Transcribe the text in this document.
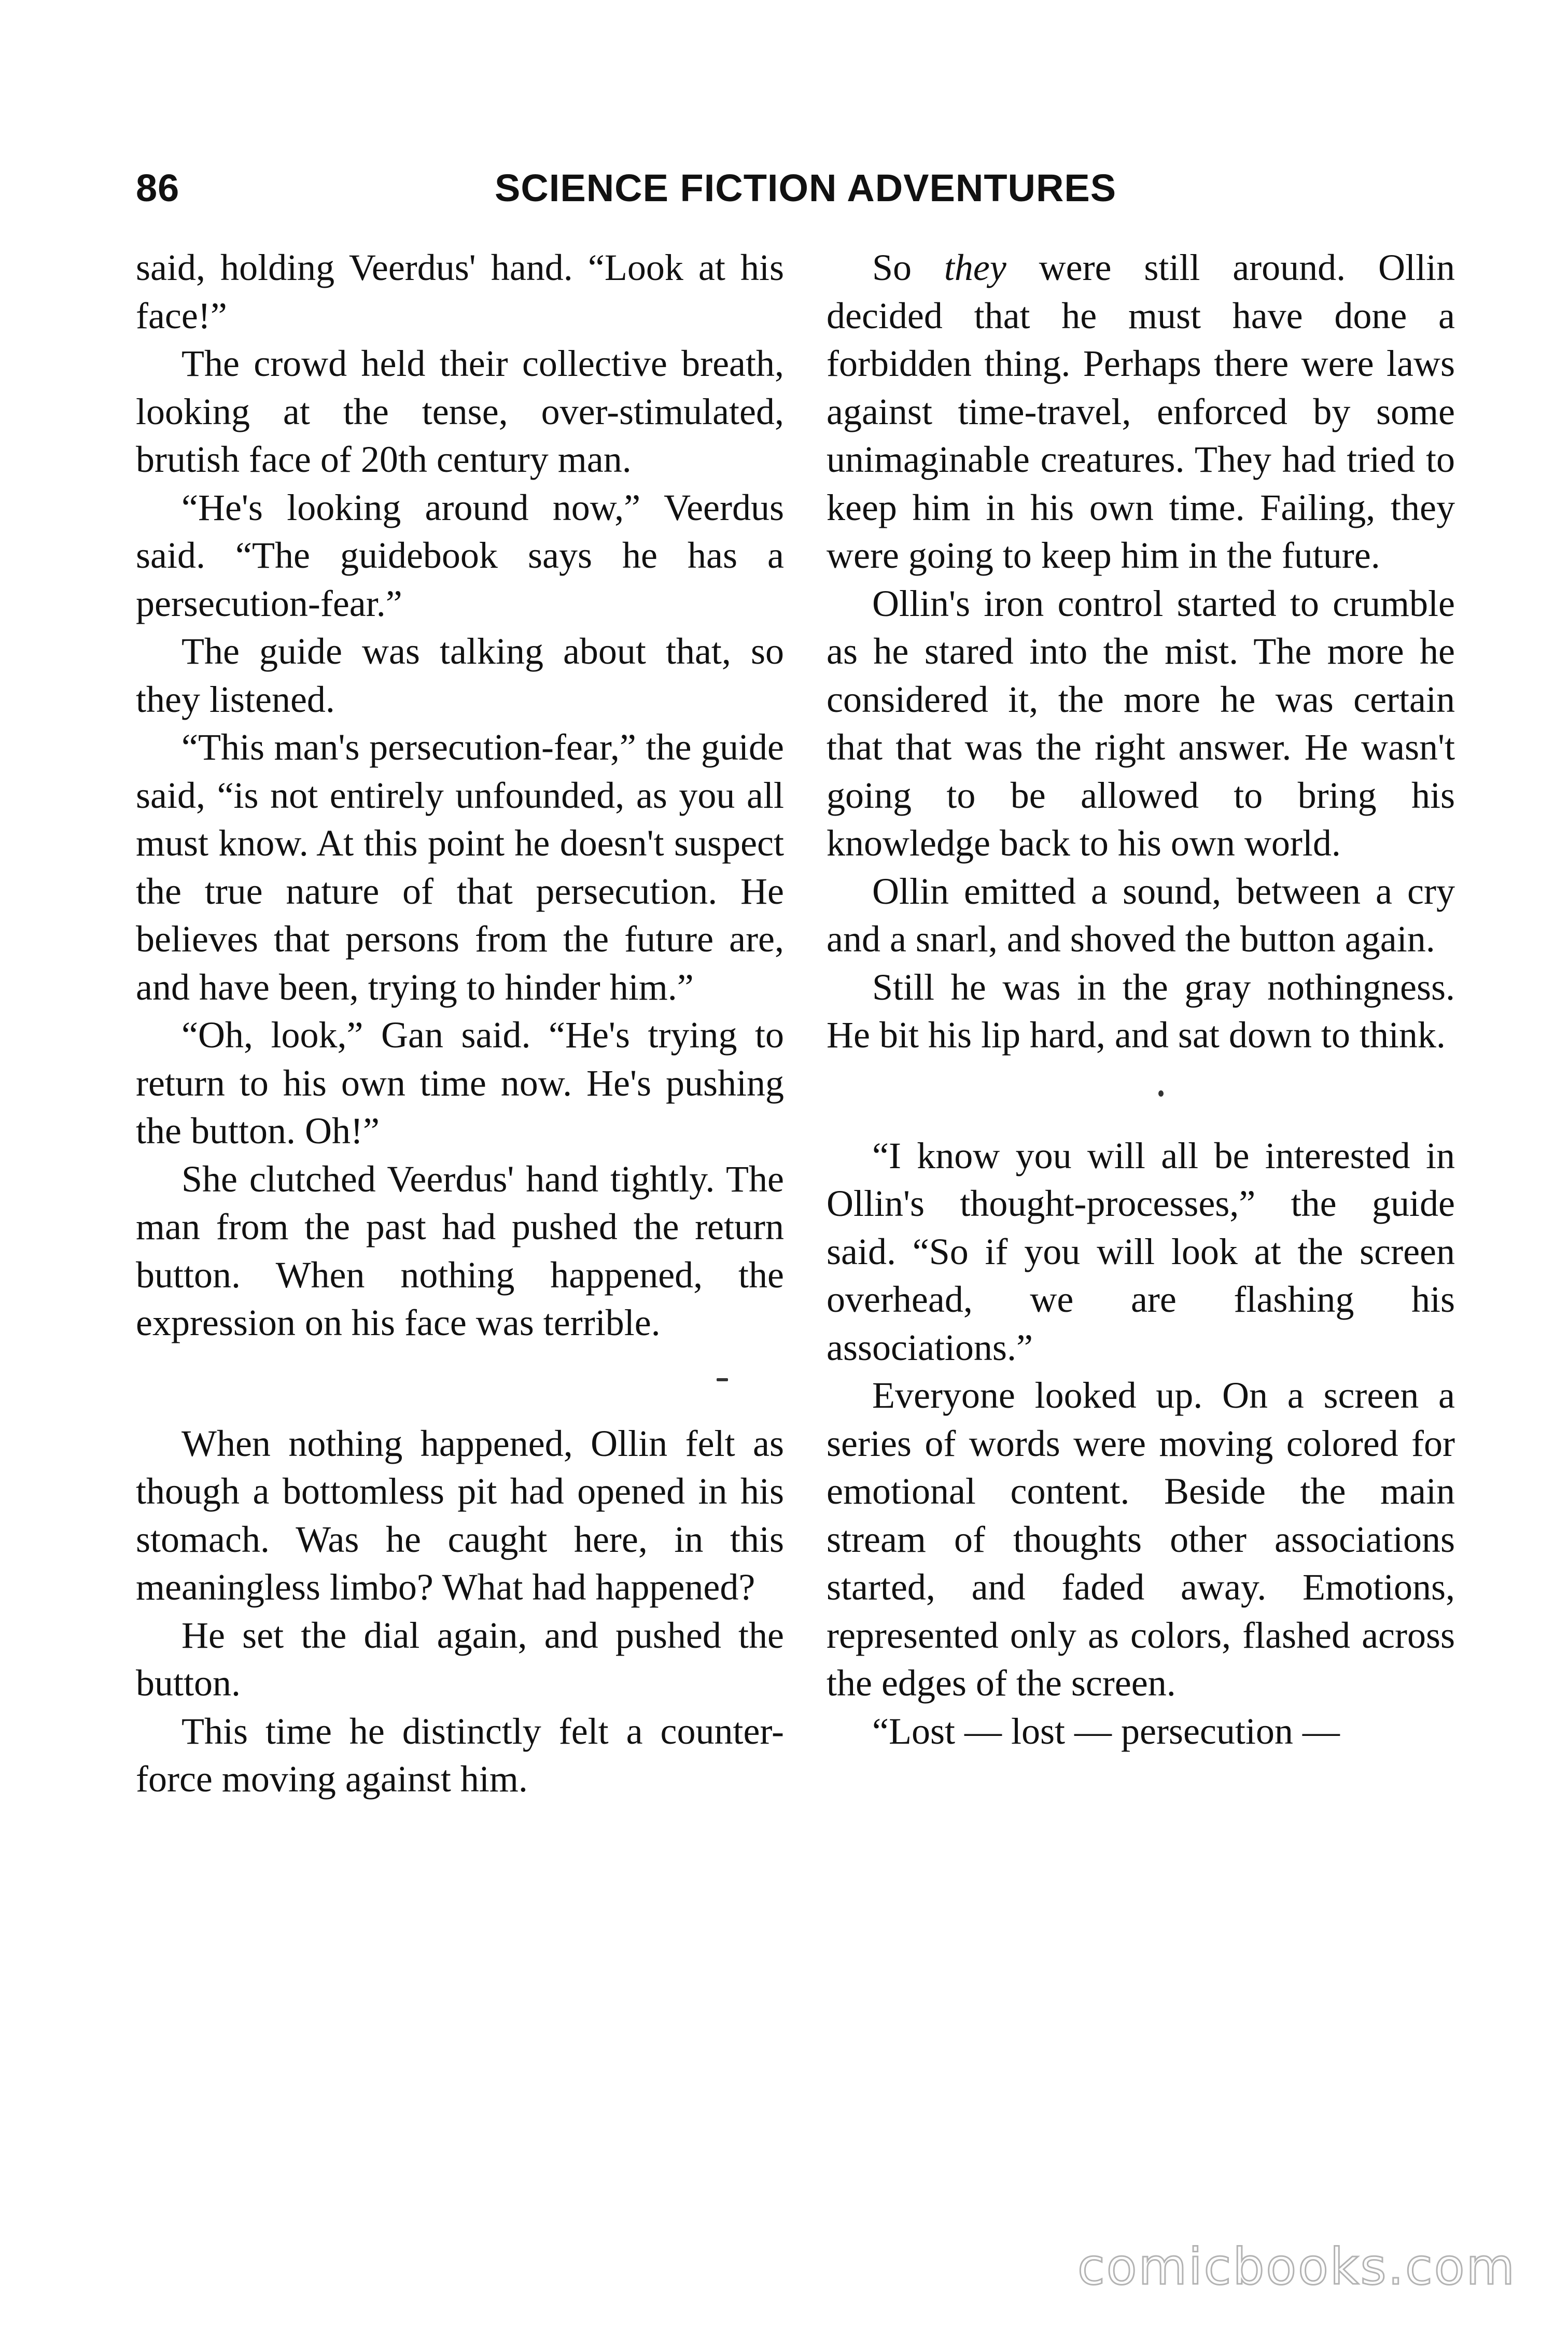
86	SCIENCE FICTION ADVENTURES

said, holding Veerdus' hand. “Look at his face!”

The crowd held their collective breath, looking at the tense, over-stimulated, brutish face of 20th century man.

“He's looking around now,” Veerdus said. “The guidebook says he has a persecution-fear.”

The guide was talking about that, so they listened.

“This man's persecution-fear,” the guide said, “is not entirely unfounded, as you all must know. At this point he doesn't suspect the true nature of that persecution. He believes that persons from the future are, and have been, trying to hinder him.”

“Oh, look,” Gan said. “He's trying to return to his own time now. He's pushing the button. Oh!”

She clutched Veerdus' hand tightly. The man from the past had pushed the return button. When nothing happened, the expression on his face was terrible.

When nothing happened, Ollin felt as though a bottomless pit had opened in his stomach. Was he caught here, in this meaningless limbo? What had happened?

He set the dial again, and pushed the button.

This time he distinctly felt a counter-force moving against him.

So they were still around. Ollin decided that he must have done a forbidden thing. Perhaps there were laws against time-travel, enforced by some unimaginable creatures. They had tried to keep him in his own time. Failing, they were going to keep him in the future.

Ollin's iron control started to crumble as he stared into the mist. The more he considered it, the more he was certain that that was the right answer. He wasn't going to be allowed to bring his knowledge back to his own world.

Ollin emitted a sound, between a cry and a snarl, and shoved the button again.

Still he was in the gray nothingness. He bit his lip hard, and sat down to think.

“I know you will all be interested in Ollin's thought-processes,” the guide said. “So if you will look at the screen overhead, we are flashing his associations.”

Everyone looked up. On a screen a series of words were moving colored for emotional content. Beside the main stream of thoughts other associations started, and faded away. Emotions, represented only as colors, flashed across the edges of the screen.

“Lost — lost — persecution —

comicbooks.com
